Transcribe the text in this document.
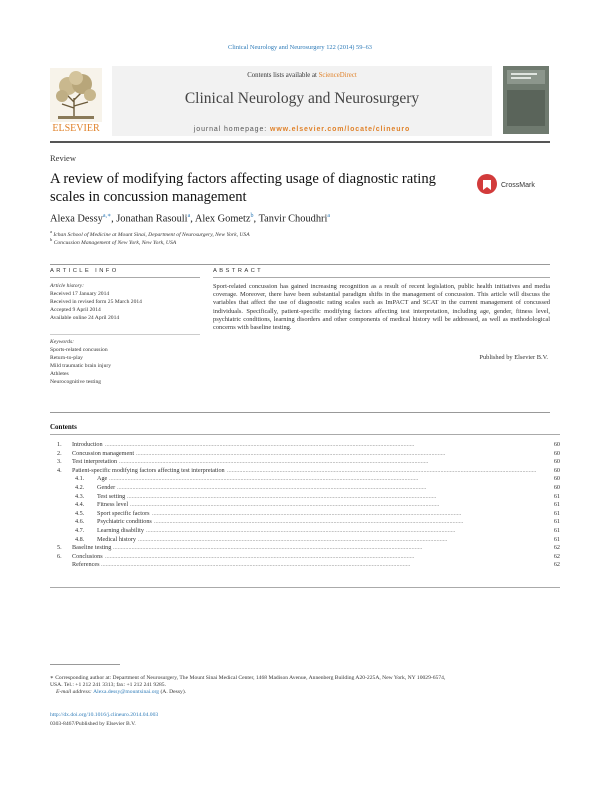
Clinical Neurology and Neurosurgery 122 (2014) 59–63
ELSEVIER
Contents lists available at ScienceDirect
Clinical Neurology and Neurosurgery
journal homepage: www.elsevier.com/locate/clineuro
Review
A review of modifying factors affecting usage of diagnostic rating
scales in concussion management
CrossMark
Alexa Dessy$^{a,∗}$, Jonathan Rasouli$^a$, Alex Gometz$^b$, Tanvir Choudhri$^a$
$^a$ Ichan School of Medicine at Mount Sinai, Department of Neurosurgery, New York, USA
$^b$ Concussion Management of New York, New York, USA
ARTICLE INFO
Article history:
Received 17 January 2014
Received in revised form 25 March 2014
Accepted 9 April 2014
Available online 24 April 2014
Keywords:
Sports-related concussion
Return-to-play
Mild traumatic brain injury
Athletes
Neurocognitive testing
ABSTRACT
Sport-related concussion has gained increasing recognition as a result of recent legislation, public health initiatives and media coverage. Moreover, there have been substantial paradigm shifts in the management of concussion. This article will discuss the variables that affect the use of diagnostic rating scales such as ImPACT and SCAT in the current management of concussed individuals. Specifically, patient-specific modifying factors affecting test interpretation, including age, gender, fitness level, psychiatric conditions, learning disorders and other components of medical history will be addressed, as well as methodological concerns with baseline testing.
Published by Elsevier B.V.
Contents
1. Introduction ........................................................................................................................................................................................................	60
2. Concussion management ........................................................................................................................................................................................................	60
3. Test interpretation ........................................................................................................................................................................................................	60
4. Patient-specific modifying factors affecting test interpretation ........................................................................................................................................................................................................	60
4.1. Age ........................................................................................................................................................................................................	60
4.2. Gender ........................................................................................................................................................................................................	60
4.3. Test setting ........................................................................................................................................................................................................	61
4.4. Fitness level ........................................................................................................................................................................................................	61
4.5. Sport specific factors ........................................................................................................................................................................................................	61
4.6. Psychiatric conditions ........................................................................................................................................................................................................	61
4.7. Learning disability ........................................................................................................................................................................................................	61
4.8. Medical history ........................................................................................................................................................................................................	61
5. Baseline testing ........................................................................................................................................................................................................	62
6. Conclusions ........................................................................................................................................................................................................	62
References ........................................................................................................................................................................................................	62
∗ Corresponding author at: Department of Neurosurgery, The Mount Sinai Medical Center, 1468 Madison Avenue, Annenberg Building A20-225A, New York, NY 10029-6574,
USA. Tel.: +1 212 241 3313; fax: +1 212 241 9285.
E-mail address: Alexa.dessy@mountsinai.org (A. Dessy).
http://dx.doi.org/10.1016/j.clineuro.2014.04.003
0303-8467/Published by Elsevier B.V.
